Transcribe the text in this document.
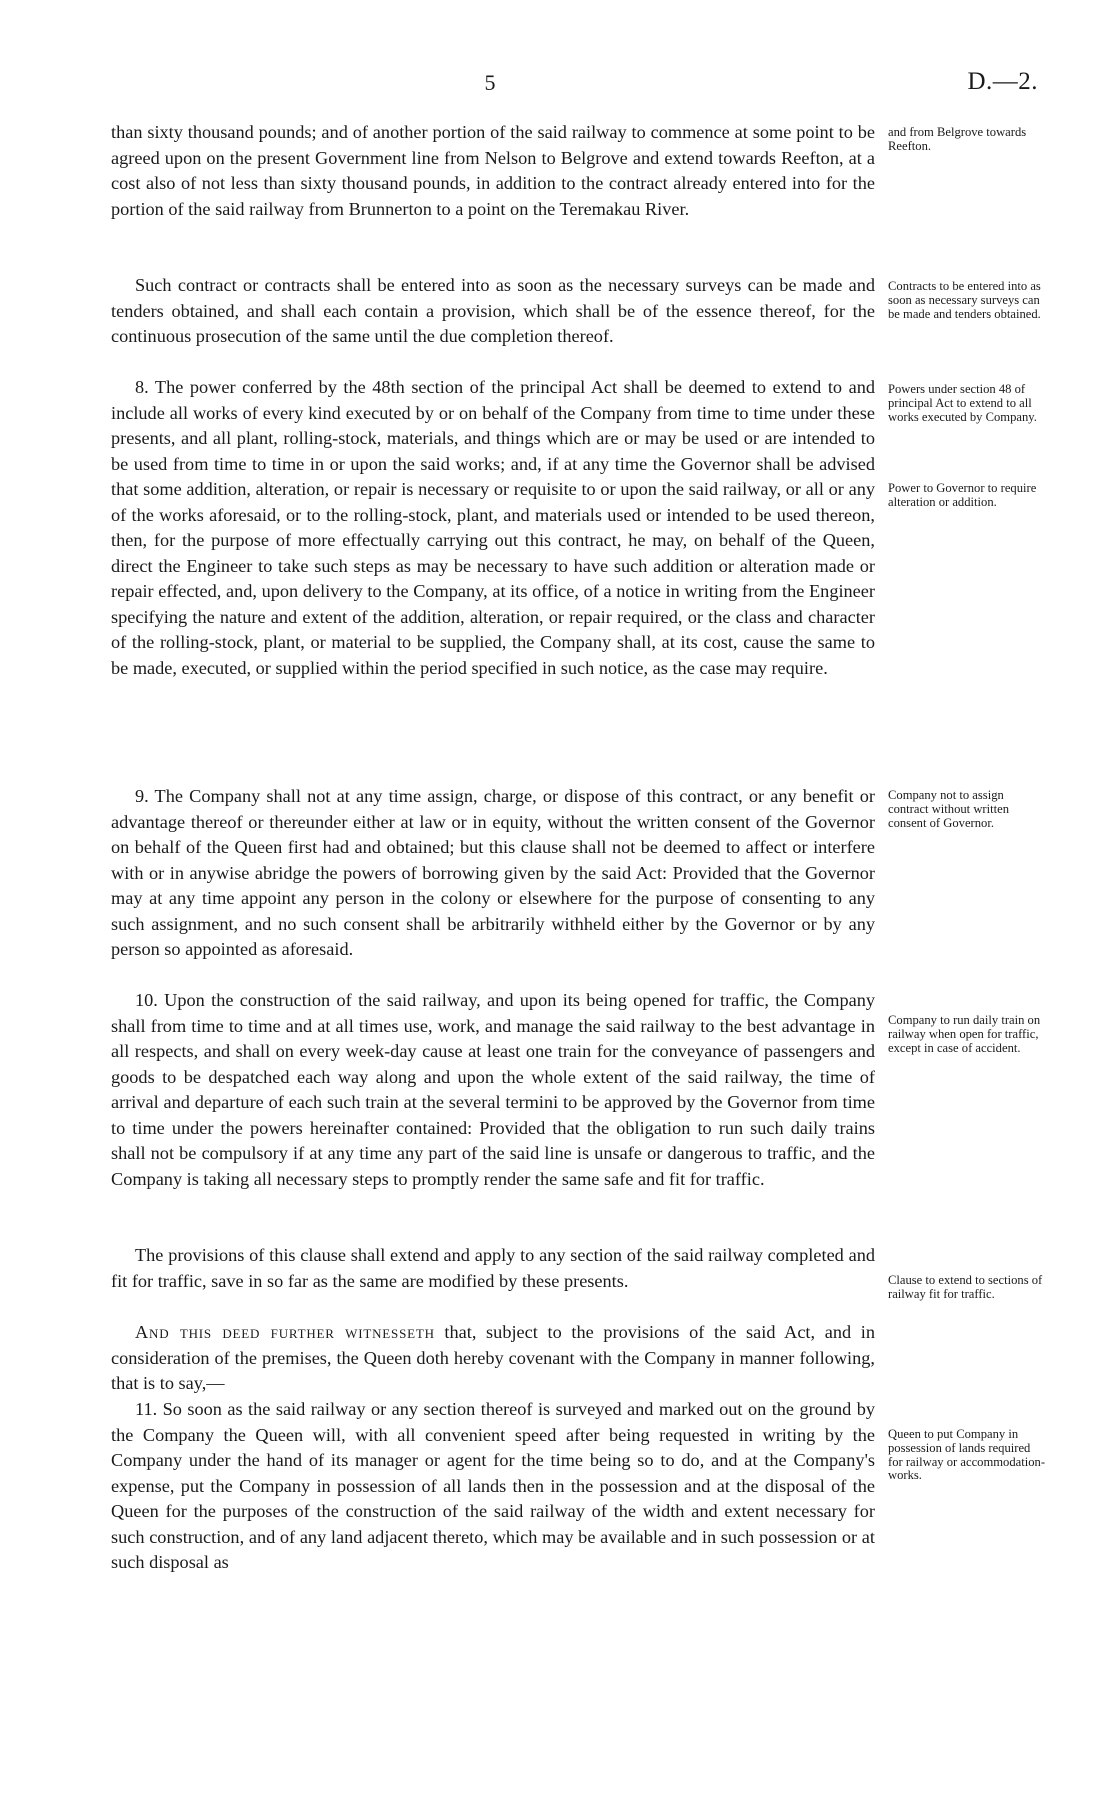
5	D.—2.

than sixty thousand pounds; and of another portion of the said railway to commence at some point to be agreed upon on the present Government line from Nelson to Belgrove and extend towards Reefton, at a cost also of not less than sixty thousand pounds, in addition to the contract already entered into for the portion of the said railway from Brunnerton to a point on the Teremakau River.

Such contract or contracts shall be entered into as soon as the necessary surveys can be made and tenders obtained, and shall each contain a provision, which shall be of the essence thereof, for the continuous prosecution of the same until the due completion thereof.

8. The power conferred by the 48th section of the principal Act shall be deemed to extend to and include all works of every kind executed by or on behalf of the Company from time to time under these presents, and all plant, rolling-stock, materials, and things which are or may be used or are intended to be used from time to time in or upon the said works; and, if at any time the Governor shall be advised that some addition, alteration, or repair is necessary or requisite to or upon the said railway, or all or any of the works aforesaid, or to the rolling-stock, plant, and materials used or intended to be used thereon, then, for the purpose of more effectually carrying out this contract, he may, on behalf of the Queen, direct the Engineer to take such steps as may be necessary to have such addition or alteration made or repair effected, and, upon delivery to the Company, at its office, of a notice in writing from the Engineer specifying the nature and extent of the addition, alteration, or repair required, or the class and character of the rolling-stock, plant, or material to be supplied, the Company shall, at its cost, cause the same to be made, executed, or supplied within the period specified in such notice, as the case may require.

9. The Company shall not at any time assign, charge, or dispose of this contract, or any benefit or advantage thereof or thereunder either at law or in equity, without the written consent of the Governor on behalf of the Queen first had and obtained; but this clause shall not be deemed to affect or interfere with or in anywise abridge the powers of borrowing given by the said Act: Provided that the Governor may at any time appoint any person in the colony or elsewhere for the purpose of consenting to any such assignment, and no such consent shall be arbitrarily withheld either by the Governor or by any person so appointed as aforesaid.

10. Upon the construction of the said railway, and upon its being opened for traffic, the Company shall from time to time and at all times use, work, and manage the said railway to the best advantage in all respects, and shall on every week-day cause at least one train for the conveyance of passengers and goods to be despatched each way along and upon the whole extent of the said railway, the time of arrival and departure of each such train at the several termini to be approved by the Governor from time to time under the powers hereinafter contained: Provided that the obligation to run such daily trains shall not be compulsory if at any time any part of the said line is unsafe or dangerous to traffic, and the Company is taking all necessary steps to promptly render the same safe and fit for traffic.

The provisions of this clause shall extend and apply to any section of the said railway completed and fit for traffic, save in so far as the same are modified by these presents.

And this deed further witnesseth that, subject to the provisions of the said Act, and in consideration of the premises, the Queen doth hereby covenant with the Company in manner following, that is to say,—

11. So soon as the said railway or any section thereof is surveyed and marked out on the ground by the Company the Queen will, with all convenient speed after being requested in writing by the Company under the hand of its manager or agent for the time being so to do, and at the Company's expense, put the Company in possession of all lands then in the possession and at the disposal of the Queen for the purposes of the construction of the said railway of the width and extent necessary for such construction, and of any land adjacent thereto, which may be available and in such possession or at such disposal as

and from Belgrove towards Reefton.
Contracts to be entered into as soon as necessary surveys can be made and tenders obtained.
Powers under section 48 of principal Act to extend to all works executed by Company.
Power to Governor to require alteration or addition.
Company not to assign contract without written consent of Governor.
Company to run daily train on railway when open for traffic, except in case of accident.
Clause to extend to sections of railway fit for traffic.
Queen to put Company in possession of lands required for railway or accommodation-works.
